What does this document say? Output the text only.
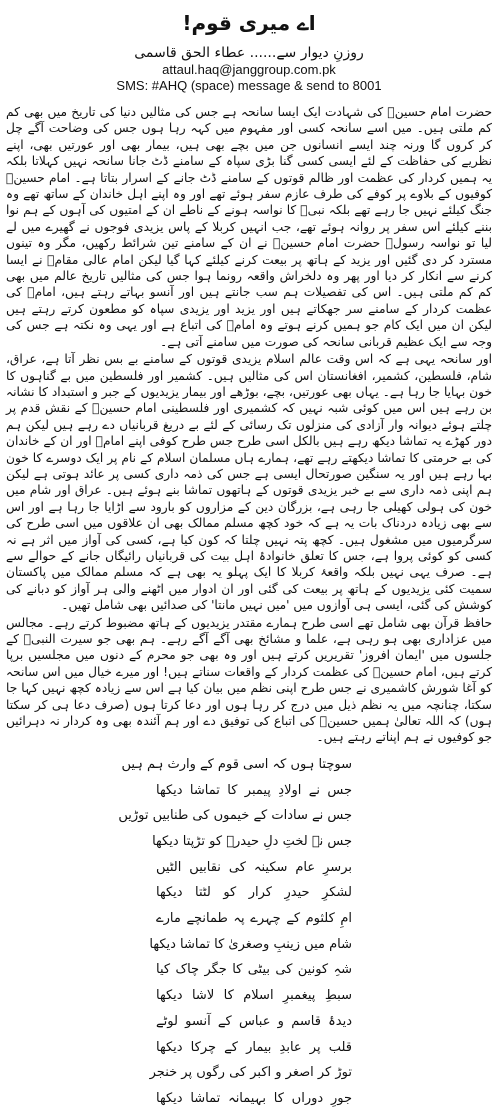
اے میری قوم!
روزنِ دیوار سے...... عطاء الحق قاسمی
attaul.haq@janggroup.com.pk
SMS: #AHQ (space) message & send to 8001

حضرت امام حسینؓ کی شہادت ایک ایسا سانحہ ہے جس کی مثالیں دنیا کی تاریخ میں بھی کم کم ملتی ہیں۔ میں اسے سانحہ کسی اور مفہوم میں کہہ رہا ہوں جس کی وضاحت آگے چل کر کروں گا ورنہ چند ایسے انسانوں جن میں بچے بھی ہیں، بیمار بھی اور عورتیں بھی، اپنے نظریے کی حفاظت کے لئے ایسی کسی گنا بڑی سپاہ کے سامنے ڈٹ جانا سانحہ نہیں کہلاتا بلکہ یہ ہمیں کردار کی عظمت اور ظالم قوتوں کے سامنے ڈٹ جانے کے اسرار بتاتا ہے۔ امام حسینؓ کوفیوں کے بلاوے پر کوفے کی طرف عازم سفر ہوئے تھے اور وہ اپنے اہل خاندان کے ساتھ تھے وہ جنگ کیلئے نہیں جا رہے تھے بلکہ نبیؐ کا نواسہ ہونے کے ناطے ان کے امتیوں کی آہوں کے ہم نوا بننے کیلئے اس سفر پر روانہ ہوئے تھے، جب انہیں کربلا کے پاس یزیدی فوجوں نے گھیرے میں لے لیا تو نواسہ رسولؐ حضرت امام حسینؓ نے ان کے سامنے تین شرائط رکھیں، مگر وہ تینوں مسترد کر دی گئیں اور یزید کے ہاتھ پر بیعت کرنے کیلئے کہا گیا لیکن امام عالی مقامؓ نے ایسا کرنے سے انکار کر دیا اور پھر وہ دلخراش واقعہ رونما ہوا جس کی مثالیں تاریخ عالم میں بھی کم کم ملتی ہیں۔ اس کی تفصیلات ہم سب جانتے ہیں اور آنسو بہاتے رہتے ہیں، امامؓ کی عظمت کردار کے سامنے سر جھکاتے ہیں اور یزید اور یزیدی سپاہ کو مطعون کرتے رہتے ہیں لیکن ان میں ایک کام جو ہمیں کرنے ہوتے وہ امامؓ کی اتباع ہے اور یہی وہ نکتہ ہے جس کی وجہ سے ایک عظیم قربانی سانحہ کی صورت میں سامنے آتی ہے۔

اور سانحہ یہی ہے کہ اس وقت عالم اسلام یزیدی قوتوں کے سامنے بے بس نظر آتا ہے، عراق، شام، فلسطین، کشمیر، افغانستان اس کی مثالیں ہیں۔ کشمیر اور فلسطین میں بے گناہوں کا خون بہایا جا رہا ہے۔ یہاں بھی عورتیں، بچے، بوڑھے اور بیمار یزیدیوں کے جبر و استبداد کا نشانہ بن رہے ہیں اس میں کوئی شبہ نہیں کہ کشمیری اور فلسطینی امام حسینؓ کے نقش قدم پر چلتے ہوئے دیوانہ وار آزادی کی منزلوں تک رسائی کے لئے بے دریغ قربانیاں دے رہے ہیں لیکن ہم دور کھڑے یہ تماشا دیکھ رہے ہیں بالکل اسی طرح جس طرح کوفی اپنے امامؓ اور ان کے خاندان کی بے حرمتی کا تماشا دیکھتے رہے تھے، ہمارے ہاں مسلمان اسلام کے نام پر ایک دوسرے کا خون بہا رہے ہیں اور یہ سنگین صورتحال ایسی ہے جس کی ذمہ داری کسی پر عائد ہوتی ہے لیکن ہم اپنی ذمہ داری سے بے خبر یزیدی قوتوں کے ہاتھوں تماشا بنے ہوئے ہیں۔ عراق اور شام میں خون کی ہولی کھیلی جا رہی ہے، بزرگان دین کے مزاروں کو بارود سے اڑایا جا رہا ہے اور اس سے بھی زیادہ دردناک بات یہ ہے کہ خود کچھ مسلم ممالک بھی ان علاقوں میں اسی طرح کی سرگرمیوں میں مشغول ہیں۔ کچھ پتہ نہیں چلتا کہ کون کیا ہے، کسی کی آواز میں اثر ہے نہ کسی کو کوئی پروا ہے، جس کا تعلق خانوادۂ اہل بیت کی قربانیاں رائیگاں جانے کے حوالے سے ہے۔ صرف یہی نہیں بلکہ واقعۂ کربلا کا ایک پہلو یہ بھی ہے کہ مسلم ممالک میں پاکستان سمیت کئی یزیدیوں کے ہاتھ پر بیعت کی گئی اور ان ادوار میں اٹھنے والی ہر آواز کو دبانے کی کوشش کی گئی، ایسی ہی آوازوں میں 'میں نہیں مانتا' کی صدائیں بھی شامل تھیں۔

حافظ قرآن بھی شامل تھے اسی طرح ہمارے مقتدر یزیدیوں کے ہاتھ مضبوط کرتے رہے۔ مجالس میں عزاداری بھی ہو رہی ہے، علما و مشائخ بھی آگے آگے رہے۔ ہم بھی جو سیرت النبیؐ کے جلسوں میں 'ایمان افروز' تقریریں کرتے ہیں اور وہ بھی جو محرم کے دنوں میں مجلسیں برپا کرتے ہیں، امام حسینؓ کی عظمت کردار کے واقعات سناتے ہیں! اور میرے خیال میں اس سانحہ کو آغا شورش کاشمیری نے جس طرح اپنی نظم میں بیان کیا ہے اس سے زیادہ کچھ نہیں کہا جا سکتا، چنانچہ میں یہ نظم ذیل میں درج کر رہا ہوں اور دعا کرتا ہوں (صرف دعا ہی کر سکتا ہوں) کہ اللہ تعالیٰ ہمیں حسینؓ کی اتباع کی توفیق دے اور ہم آئندہ بھی وہ کردار نہ دہرائیں جو کوفیوں نے ہم اپناتے رہتے ہیں۔

سوچتا ہوں کہ اسی قوم کے وارث ہم ہیں
جس نے اولادِ پیمبر کا تماشا دیکھا
جس نے سادات کے خیموں کی طنابیں توڑیں
جس نے لختِ دلِ حیدرؓ کو تڑپتا دیکھا
برسرِ عام سکینہ کی نقابیں الٹیں
لشکرِ حیدرِ کرار کو لٹتا دیکھا
امِ کلثوم کے چہرے پہ طمانچے مارے
شام میں زینبِ وصغریٰ کا تماشا دیکھا
شہِ کونین کی بیٹی کا جگر چاک کیا
سبطِ پیغمبرِ اسلام کا لاشا دیکھا
دیدۂ قاسم و عباس کے آنسو لوٹے
قلب پر عابدِ بیمار کے چرکا دیکھا
توڑ کر اصغر و اکبر کی رگوں پر خنجر
جورِ دوراں کا بہیمانہ تماشا دیکھا
